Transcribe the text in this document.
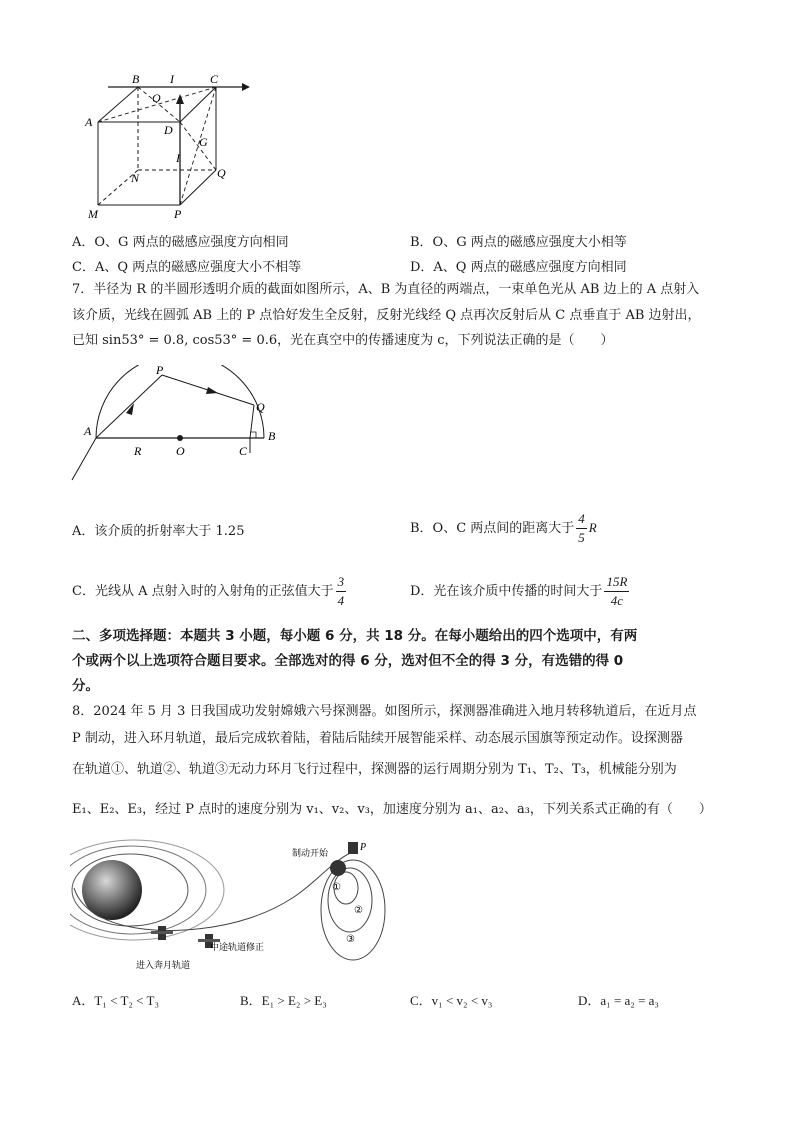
B	I	C
O
A
D
G
I
N	Q
M	P
A．O、G 两点的磁感应强度方向相同	B．O、G 两点的磁感应强度大小相等
C．A、Q 两点的磁感应强度大小不相等	D．A、Q 两点的磁感应强度方向相同
7．半径为 R 的半圆形透明介质的截面如图所示，A、B 为直径的两端点，一束单色光从 AB 边上的 A 点射入
该介质，光线在圆弧 AB 上的 P 点恰好发生全反射，反射光线经 Q 点再次反射后从 C 点垂直于 AB 边射出，
已知 sin53° = 0.8, cos53° = 0.6，光在真空中的传播速度为 c，下列说法正确的是（　　）
P
Q
A
R	O	C
B
A．该介质的折射率大于 1.25	B．O、C 两点间的距离大于 $\frac{4}{5}$ R
C．光线从 A 点射入时的入射角的正弦值大于 $\frac{3}{4}$	D．光在该介质中传播的时间大于 $\frac{15R}{4c}$
二、多项选择题：本题共 3 小题，每小题 6 分，共 18 分。在每小题给出的四个选项中，有两
个或两个以上选项符合题目要求。全部选对的得 6 分，选对但不全的得 3 分，有选错的得 0
分。
8．2024 年 5 月 3 日我国成功发射嫦娥六号探测器。如图所示，探测器准确进入地月转移轨道后，在近月点
P 制动，进入环月轨道，最后完成软着陆，着陆后陆续开展智能采样、动态展示国旗等预定动作。设探测器
在轨道①、轨道②、轨道③无动力环月飞行过程中，探测器的运行周期分别为 T₁、T₂、T₃，机械能分别为
E₁、E₂、E₃，经过 P 点时的速度分别为 v₁、v₂、v₃，加速度分别为 a₁、a₂、a₃，下列关系式正确的有（　　）
制动开始	P
①
②
③
中途轨道修正
进入奔月轨道
A．T₁ < T₂ < T₃	B．E₁ > E₂ > E₃	C．v₁ < v₂ < v₃	D．a₁ = a₂ = a₃
